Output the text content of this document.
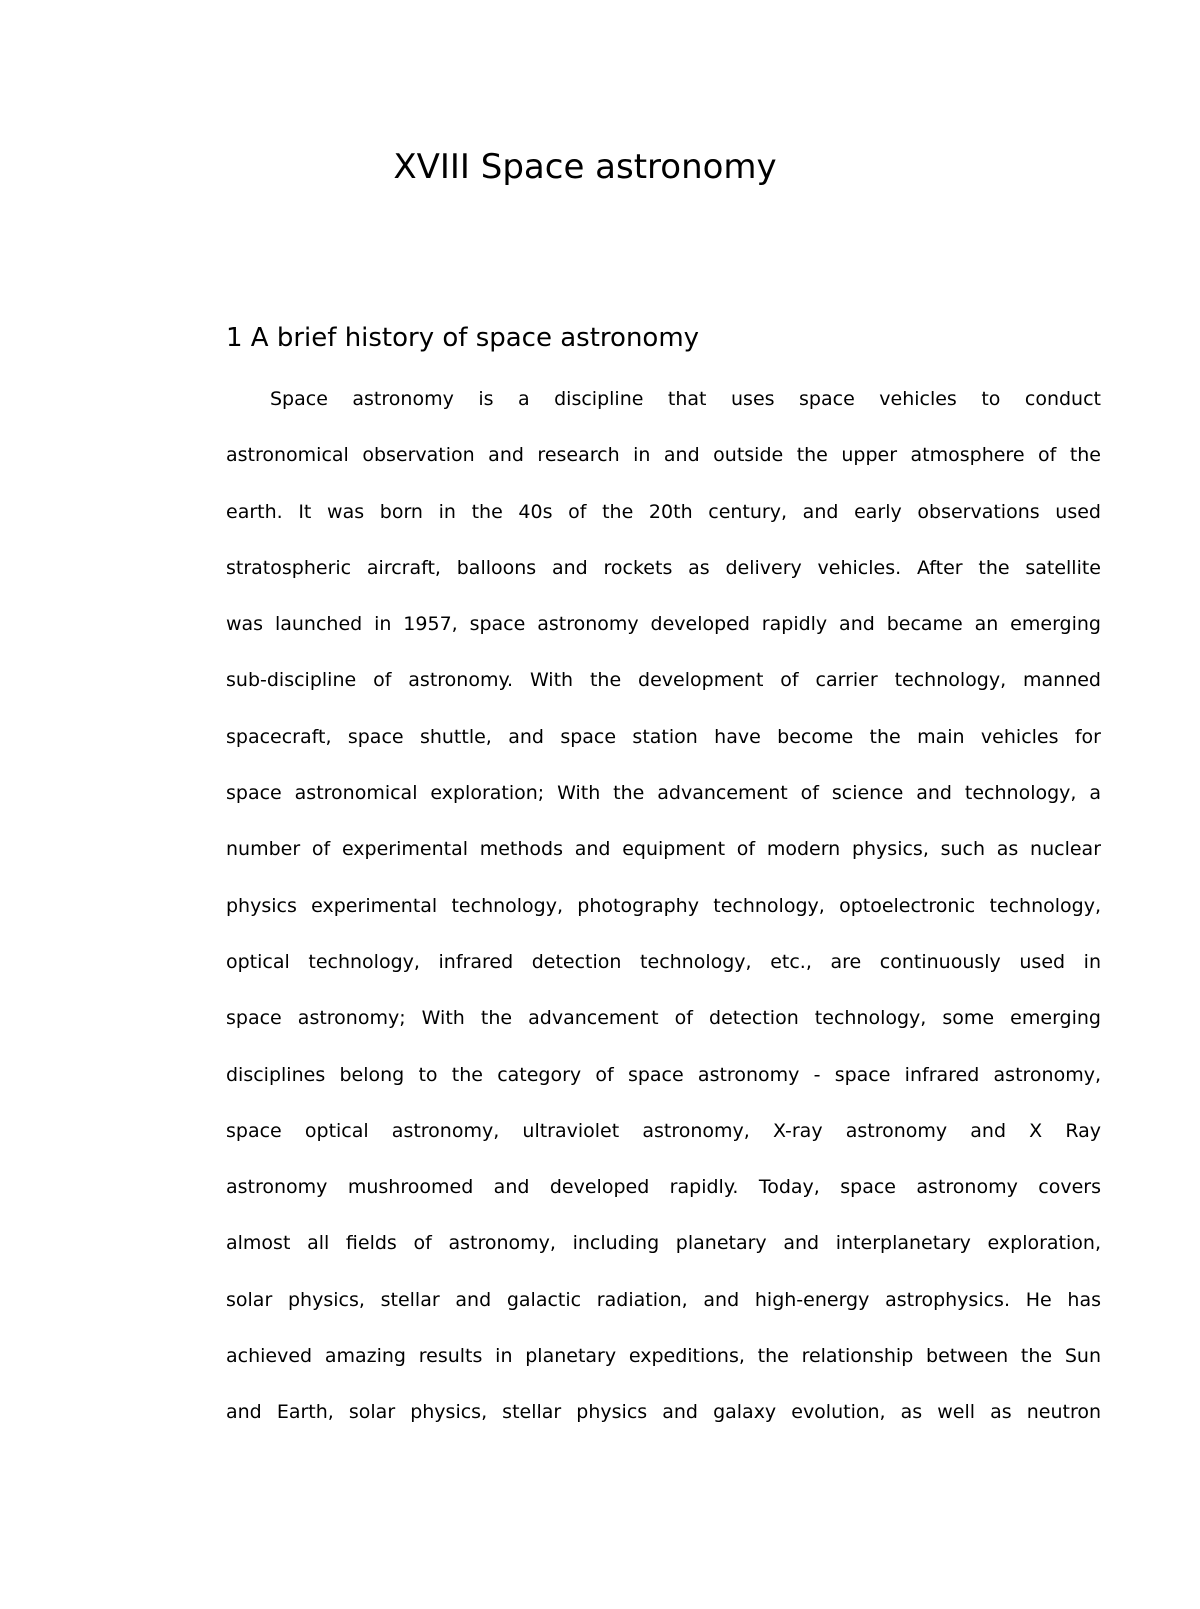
XVIII Space astronomy
1 A brief history of space astronomy
Space astronomy is a discipline that uses space vehicles to conduct
astronomical observation and research in and outside the upper atmosphere of the
earth. It was born in the 40s of the 20th century, and early observations used
stratospheric aircraft, balloons and rockets as delivery vehicles. After the satellite
was launched in 1957, space astronomy developed rapidly and became an emerging
sub-discipline of astronomy. With the development of carrier technology, manned
spacecraft, space shuttle, and space station have become the main vehicles for
space astronomical exploration; With the advancement of science and technology, a
number of experimental methods and equipment of modern physics, such as nuclear
physics experimental technology, photography technology, optoelectronic technology,
optical technology, infrared detection technology, etc., are continuously used in
space astronomy; With the advancement of detection technology, some emerging
disciplines belong to the category of space astronomy - space infrared astronomy,
space optical astronomy, ultraviolet astronomy, X-ray astronomy and X Ray
astronomy mushroomed and developed rapidly. Today, space astronomy covers
almost all fields of astronomy, including planetary and interplanetary exploration,
solar physics, stellar and galactic radiation, and high-energy astrophysics. He has
achieved amazing results in planetary expeditions, the relationship between the Sun
and Earth, solar physics, stellar physics and galaxy evolution, as well as neutron
